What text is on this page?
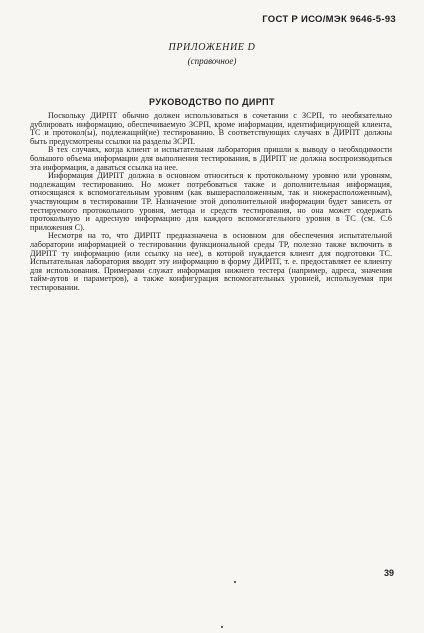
ГОСТ Р ИСО/МЭК 9646-5-93
ПРИЛОЖЕНИЕ D
(справочное)
РУКОВОДСТВО ПО ДИРПТ

Поскольку ДИРПТ обычно должен использоваться в сочетании с ЗСРП, то необязательно дублировать информацию, обеспечиваемую ЗСРП, кроме информации, идентифицирующей клиента, ТС и протокол(ы), подлежащий(ие) тестированию. В соответствующих случаях в ДИРПТ должны быть предусмотрены ссылки на разделы ЗСРП.

В тех случаях, когда клиент и испытательная лаборатория пришли к выводу о необходимости большого объема информации для выполнения тестирования, в ДИРПТ не должна воспроизводиться эта информация, а даваться ссылка на нее.

Информация ДИРПТ должна в основном относиться к протокольному уровню или уровням, подлежащим тестированию. Но может потребоваться также и дополнительная информация, относящаяся к вспомогательным уровням (как вышерасположенным, так и нижерасположенным), участвующим в тестировании ТР. Назначение этой дополнительной информации будет зависеть от тестируемого протокольного уровня, метода и средств тестирования, но она может содержать протокольную и адресную информацию для каждого вспомогательного уровня в ТС (см. С.6 приложения С).

Несмотря на то, что ДИРПТ предназначена в основном для обеспечения испытательной лаборатории информацией о тестировании функциональной среды ТР, полезно также включить в ДИРПТ ту информацию (или ссылку на нее), в которой нуждается клиент для подготовки ТС. Испытательная лаборатория вводит эту информацию в форму ДИРПТ, т. е. предоставляет ее клиенту для использования. Примерами служат информация нижнего тестера (например, адреса, значения тайм-аутов и параметров), а также конфигурация вспомогательных уровней, используемая при тестировании.

39
